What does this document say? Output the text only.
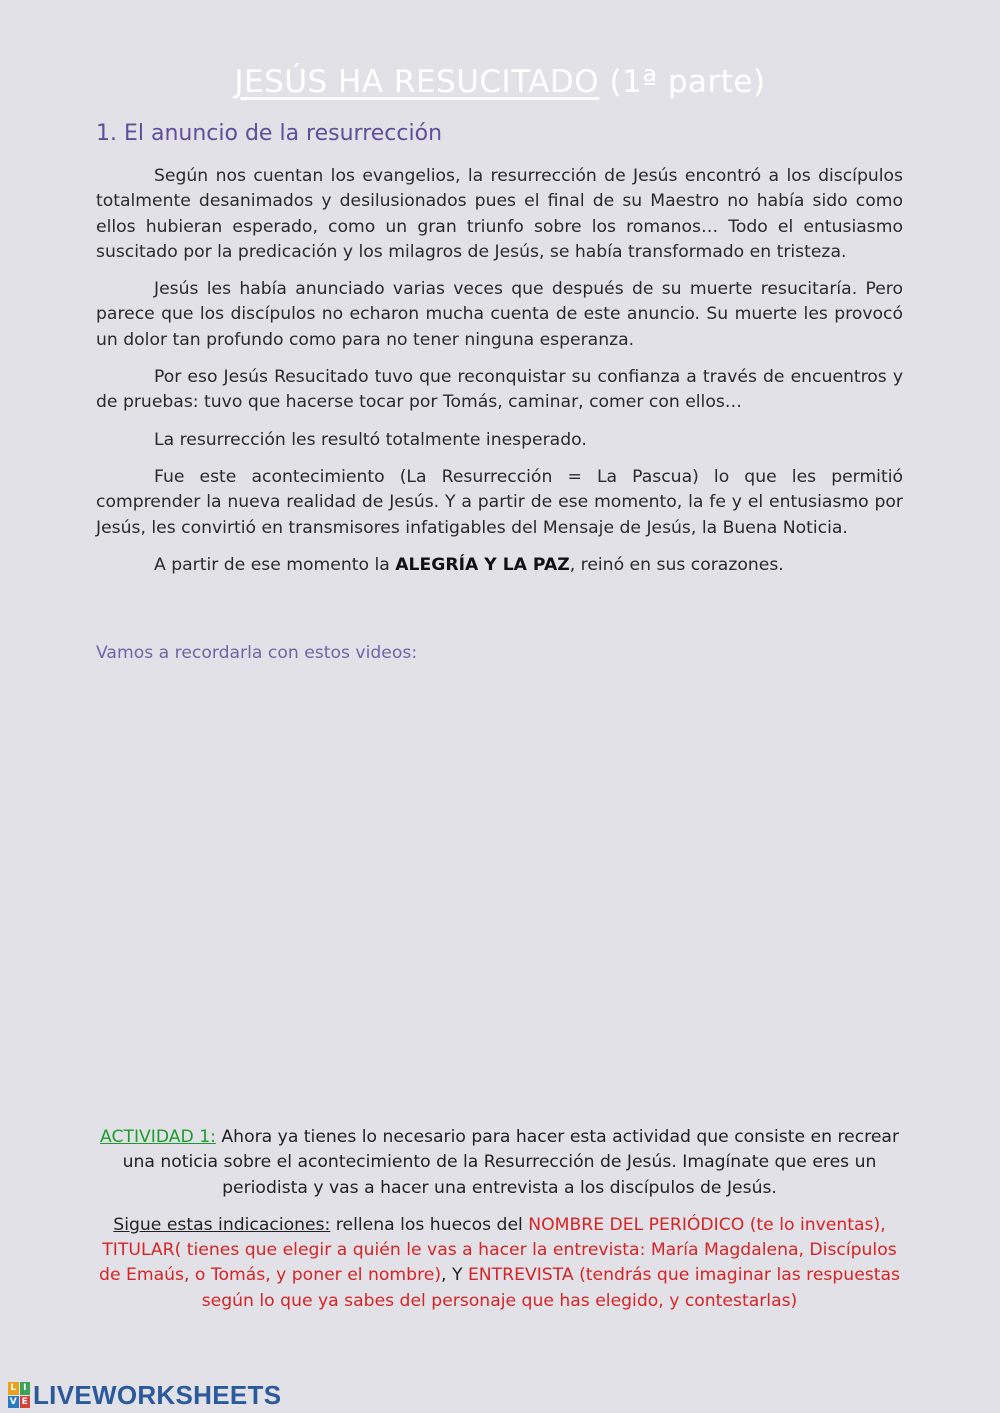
JESÚS HA RESUCITADO (1ª parte)
1. El anuncio de la resurrección

Según nos cuentan los evangelios, la resurrección de Jesús encontró a los discípulos totalmente desanimados y desilusionados pues el final de su Maestro no había sido como ellos hubieran esperado, como un gran triunfo sobre los romanos… Todo el entusiasmo suscitado por la predicación y los milagros de Jesús, se había transformado en tristeza.

Jesús les había anunciado varias veces que después de su muerte resucitaría. Pero parece que los discípulos no echaron mucha cuenta de este anuncio. Su muerte les provocó un dolor tan profundo como para no tener ninguna esperanza.

Por eso Jesús Resucitado tuvo que reconquistar su confianza a través de encuentros y de pruebas: tuvo que hacerse tocar por Tomás, caminar, comer con ellos…

La resurrección les resultó totalmente inesperado.

Fue este acontecimiento (La Resurrección = La Pascua) lo que les permitió comprender la nueva realidad de Jesús. Y a partir de ese momento, la fe y el entusiasmo por Jesús, les convirtió en transmisores infatigables del Mensaje de Jesús, la Buena Noticia.

A partir de ese momento la ALEGRÍA Y LA PAZ, reinó en sus corazones.

Vamos a recordarla con estos videos:

ACTIVIDAD 1: Ahora ya tienes lo necesario para hacer esta actividad que consiste en recrear una noticia sobre el acontecimiento de la Resurrección de Jesús. Imagínate que eres un periodista y vas a hacer una entrevista a los discípulos de Jesús.

Sigue estas indicaciones: rellena los huecos del NOMBRE DEL PERIÓDICO (te lo inventas), TITULAR( tienes que elegir a quién le vas a hacer la entrevista: María Magdalena, Discípulos de Emaús, o Tomás, y poner el nombre), Y ENTREVISTA (tendrás que imaginar las respuestas según lo que ya sabes del personaje que has elegido, y contestarlas)

L I
V E LIVEWORKSHEETS
